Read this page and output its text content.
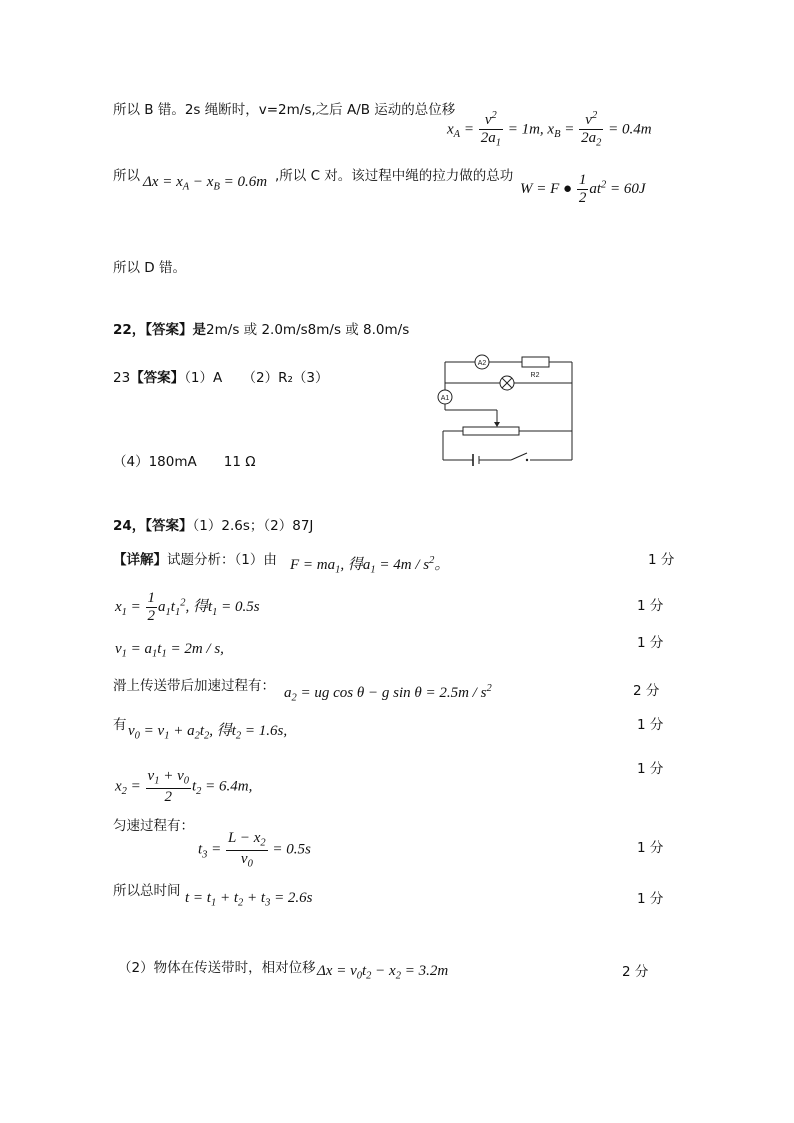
所以 B 错。2s 绳断时，v=2m/s,之后 A/B 运动的总位移
$x_A = \frac{v^2}{2a_1} = 1m$, $x_B = \frac{v^2}{2a_2} = 0.4m$
所以 $\Delta x = x_A - x_B = 0.6m$ ,所以 C 对。该过程中绳的拉力做的总功
W = F ● $\frac{1}{2} at^2 = 60J$
所以 D 错。
22，【答案】是2m/s 或 2.0m/s8m/s 或 8.0m/s
23【答案】（1）A　　（2）R₂（3）
（4）180mA　　11 Ω
A2
A1
R2
24，【答案】（1）2.6s；（2）87J
【详解】试题分析：（1）由 $F = ma_1$, 得$a_1 = 4m / s^2$。	1 分
$x_1 = \frac{1}{2} a_1t_1^2$, 得$t_1 = 0.5s$	1 分
$v_1 = a_1t_1 = 2m / s$,	1 分
滑上传送带后加速过程有： $a_2$ = ug cos θ − g $\sin \theta = 2.5m / s^2$	2 分
有 $v_0 = v_1 + a_2t_2$, 得$t_2 = 1.6s$,	1 分
$x_2 = \frac{v_1 + v_0}{2} t_2 = 6.4m$,
1 分
匀速过程有：
$t_3 = \frac{L - x_2}{v_0} = 0.5s$	1 分
所以总时间 $t = t_1 + t_2 + t_3 = 2.6s$	1 分
（2）物体在传送带时，相对位移 $\Delta x = v_0t_2 - x_2 = 3.2m$	2 分
